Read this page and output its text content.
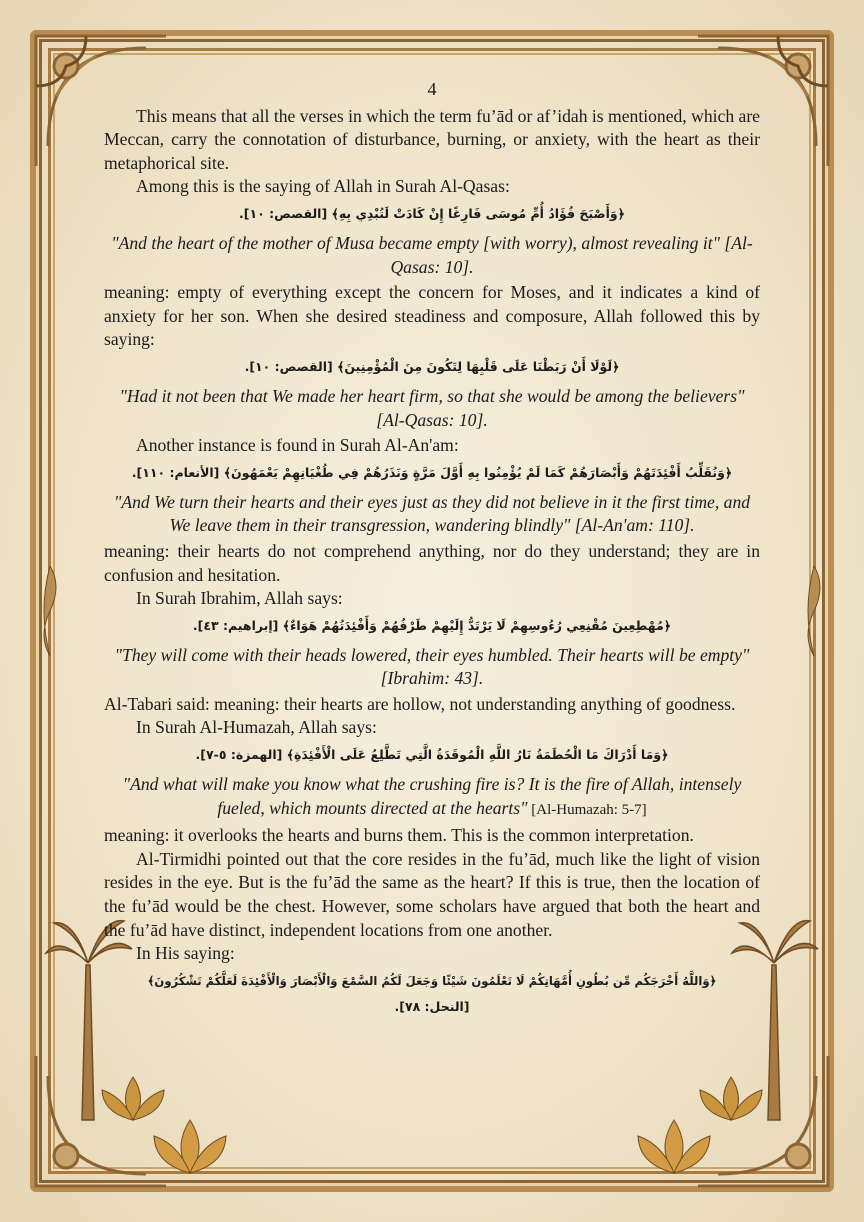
4

This means that all the verses in which the term fu’ād or af’idah is mentioned, which are Meccan, carry the connotation of disturbance, burning, or anxiety, with the heart as their metaphorical site.

Among this is the saying of Allah in Surah Al-Qasas:

﴿وَأَصْبَحَ فُؤَادُ أُمِّ مُوسَى فَارِغًا إِنْ كَادَتْ لَتُبْدِي بِهِ﴾ [القصص: ١٠].

"And the heart of the mother of Musa became empty [with worry), almost revealing it" [Al-Qasas: 10].

meaning: empty of everything except the concern for Moses, and it indicates a kind of anxiety for her son. When she desired steadiness and composure, Allah followed this by saying:

﴿لَوْلَا أَنْ رَبَطْنَا عَلَى قَلْبِهَا لِتَكُونَ مِنَ الْمُؤْمِنِينَ﴾ [القصص: ١٠].

"Had it not been that We made her heart firm, so that she would be among the believers" [Al-Qasas: 10].

Another instance is found in Surah Al-An'am:

﴿وَنُقَلِّبُ أَفْئِدَتَهُمْ وَأَبْصَارَهُمْ كَمَا لَمْ يُؤْمِنُوا بِهِ أَوَّلَ مَرَّةٍ وَنَذَرُهُمْ فِي طُغْيَانِهِمْ يَعْمَهُونَ﴾ [الأنعام: ١١٠].

"And We turn their hearts and their eyes just as they did not believe in it the first time, and We leave them in their transgression, wandering blindly" [Al-An'am: 110].

meaning: their hearts do not comprehend anything, nor do they understand; they are in confusion and hesitation.

In Surah Ibrahim, Allah says:

﴿مُهْطِعِينَ مُقْنِعِي رُءُوسِهِمْ لَا يَرْتَدُّ إِلَيْهِمْ طَرْفُهُمْ وَأَفْئِدَتُهُمْ هَوَاءٌ﴾ [إبراهيم: ٤٣].

"They will come with their heads lowered, their eyes humbled. Their hearts will be empty" [Ibrahim: 43].

Al-Tabari said: meaning: their hearts are hollow, not understanding anything of goodness.

In Surah Al-Humazah, Allah says:

﴿وَمَا أَدْرَاكَ مَا الْحُطَمَةُ نَارُ اللَّهِ الْمُوقَدَةُ الَّتِي تَطَّلِعُ عَلَى الْأَفْئِدَةِ﴾ [الهمزة: ٥-٧].

"And what will make you know what the crushing fire is? It is the fire of Allah, intensely fueled, which mounts directed at the hearts" [Al-Humazah: 5-7]

meaning: it overlooks the hearts and burns them. This is the common interpretation.

Al-Tirmidhi pointed out that the core resides in the fu’ād, much like the light of vision resides in the eye. But is the fu’ād the same as the heart? If this is true, then the location of the fu’ād would be the chest. However, some scholars have argued that both the heart and the fu’ād have distinct, independent locations from one another.

In His saying:

﴿وَاللَّهُ أَخْرَجَكُم مِّن بُطُونِ أُمَّهَاتِكُمْ لَا تَعْلَمُونَ شَيْئًا وَجَعَلَ لَكُمُ السَّمْعَ وَالْأَبْصَارَ وَالْأَفْئِدَةَ لَعَلَّكُمْ تَشْكُرُونَ﴾

[النحل: ٧٨].
